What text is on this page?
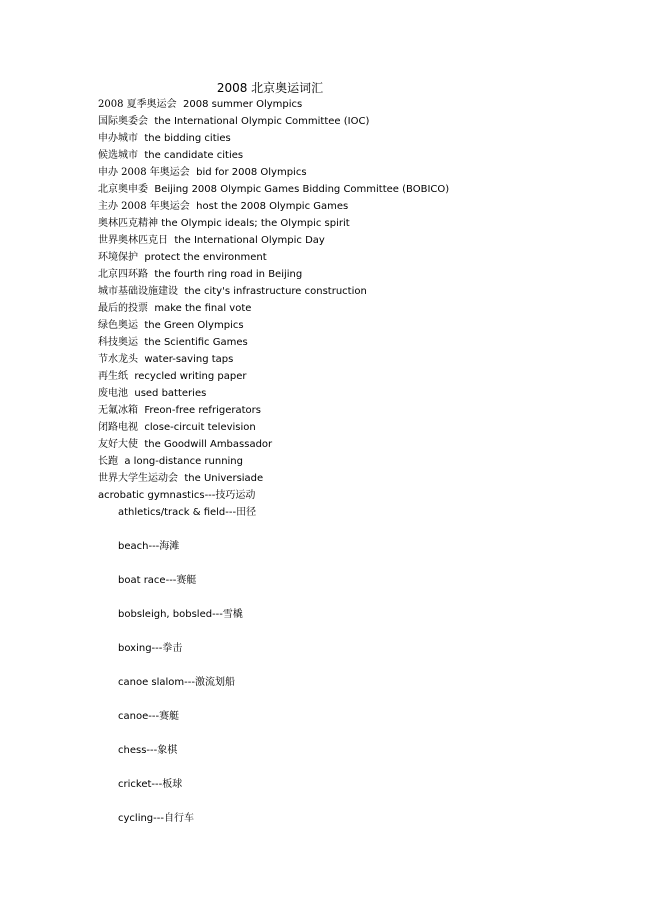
2008 北京奥运词汇
2008 夏季奥运会 2008 summer Olympics
国际奥委会 the International Olympic Committee (IOC)
申办城市 the bidding cities
候选城市 the candidate cities
申办 2008 年奥运会 bid for 2008 Olympics
北京奥申委 Beijing 2008 Olympic Games Bidding Committee (BOBICO)
主办 2008 年奥运会 host the 2008 Olympic Games
奥林匹克精神 the Olympic ideals; the Olympic spirit
世界奥林匹克日 the International Olympic Day
环境保护 protect the environment
北京四环路 the fourth ring road in Beijing
城市基础设施建设 the city's infrastructure construction
最后的投票 make the final vote
绿色奥运 the Green Olympics
科技奥运 the Scientific Games
节水龙头 water-saving taps
再生纸 recycled writing paper
废电池 used batteries
无氟冰箱 Freon-free refrigerators
闭路电视 close-circuit television
友好大使 the Goodwill Ambassador
长跑 a long-distance running
世界大学生运动会 the Universiade
acrobatic gymnastics---技巧运动
athletics/track & field---田径
beach---海滩
boat race---赛艇
bobsleigh, bobsled---雪橇
boxing---拳击
canoe slalom---激流划船
canoe---赛艇
chess---象棋
cricket---板球
cycling---自行车
